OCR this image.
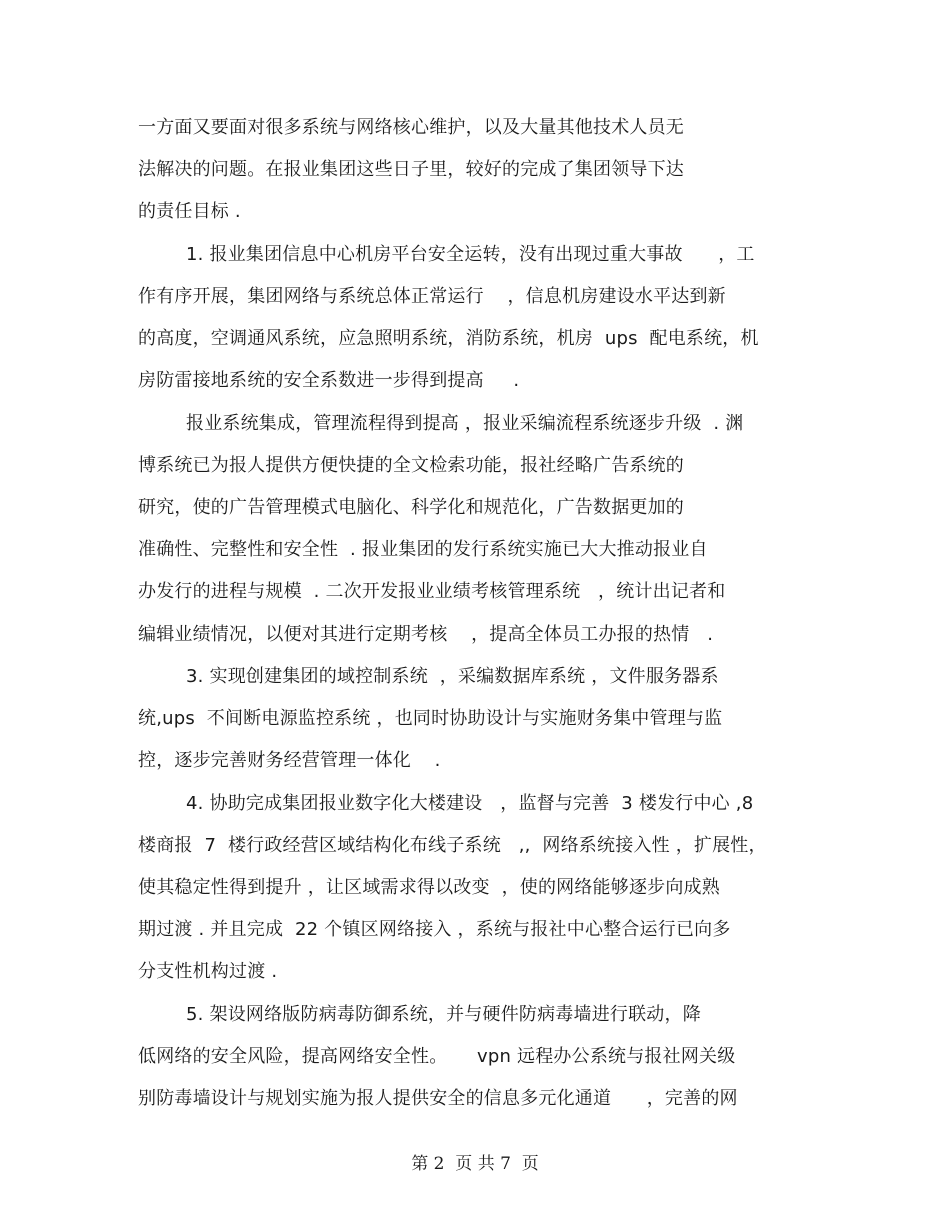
一方面又要面对很多系统与网络核心维护，以及大量其他技术人员无
法解决的问题。在报业集团这些日子里，较好的完成了集团领导下达
的责任目标 .
1. 报业集团信息中心机房平台安全运转，没有出现过重大事故      ，工
作有序开展，集团网络与系统总体正常运行    ，信息机房建设水平达到新
的高度，空调通风系统，应急照明系统，消防系统，机房  ups  配电系统，机
房防雷接地系统的安全系数进一步得到提高     .
报业系统集成，管理流程得到提高 ，报业采编流程系统逐步升级  . 渊
博系统已为报人提供方便快捷的全文检索功能，报社经略广告系统的
研究，使的广告管理模式电脑化、科学化和规范化，广告数据更加的
准确性、完整性和安全性  . 报业集团的发行系统实施已大大推动报业自
办发行的进程与规模  . 二次开发报业业绩考核管理系统   ，统计出记者和
编辑业绩情况，以便对其进行定期考核    ，提高全体员工办报的热情   .
3. 实现创建集团的域控制系统  ，采编数据库系统 ，文件服务器系
统,ups  不间断电源监控系统 ，也同时协助设计与实施财务集中管理与监
控，逐步完善财务经营管理一体化    .
4. 协助完成集团报业数字化大楼建设   ，监督与完善  3 楼发行中心 ,8
楼商报  7  楼行政经营区域结构化布线子系统   ,,  网络系统接入性 ，扩展性，
使其稳定性得到提升 ，让区域需求得以改变  ，使的网络能够逐步向成熟
期过渡 . 并且完成  22 个镇区网络接入 ，系统与报社中心整合运行已向多
分支性机构过渡 .
5. 架设网络版防病毒防御系统，并与硬件防病毒墙进行联动，降
低网络的安全风险，提高网络安全性。     vpn 远程办公系统与报社网关级
别防毒墙设计与规划实施为报人提供安全的信息多元化通道      ，完善的网
第 2  页 共 7  页
